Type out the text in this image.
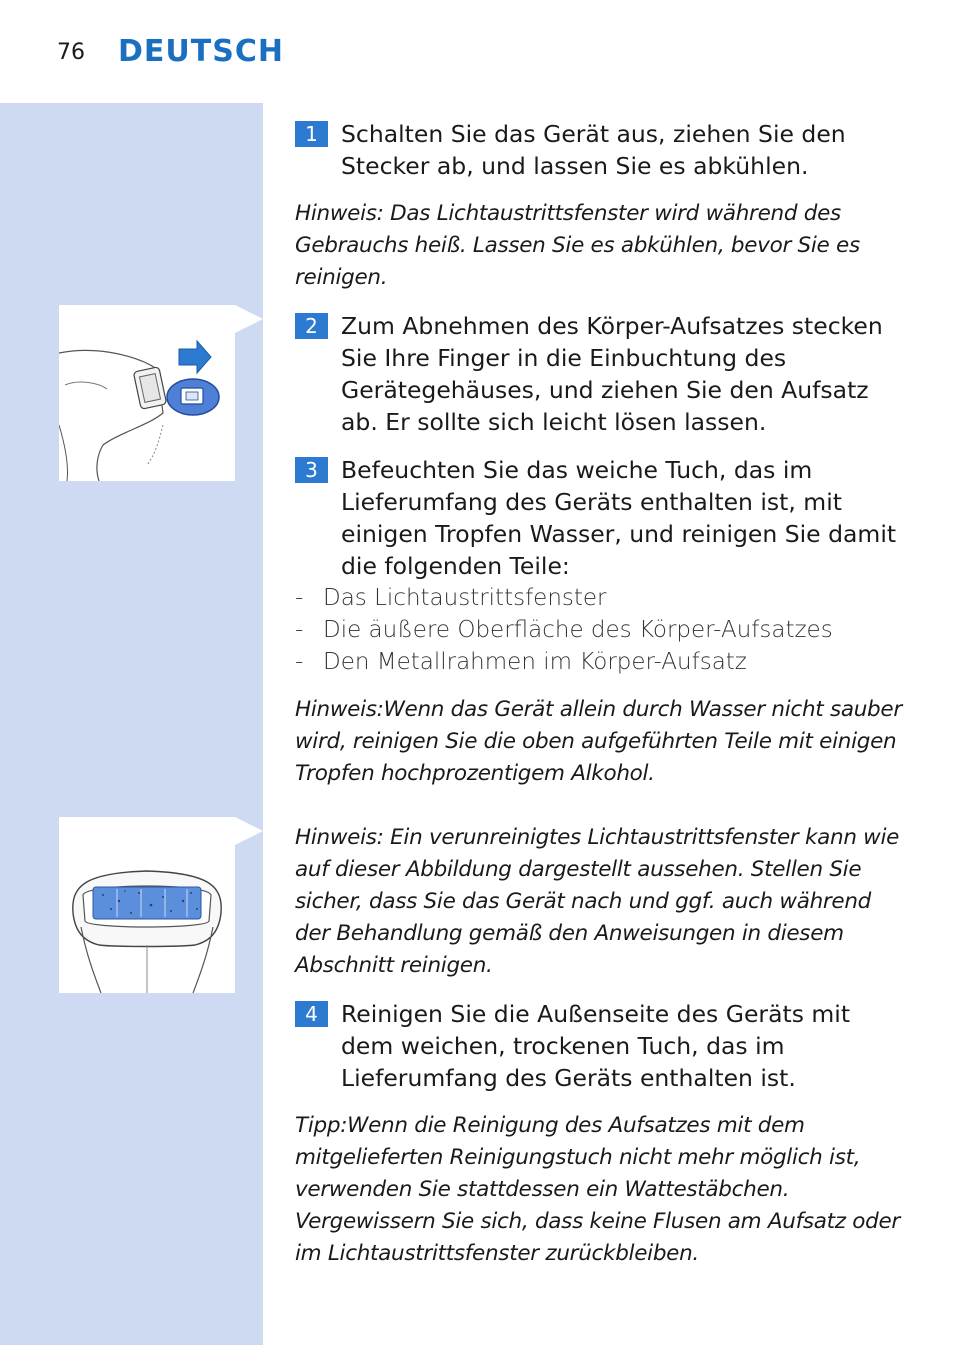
76 DEUTSCH
1 Schalten Sie das Gerät aus, ziehen Sie den Stecker ab, und lassen Sie es abkühlen.
Hinweis: Das Lichtaustrittsfenster wird während des Gebrauchs heiß. Lassen Sie es abkühlen, bevor Sie es reinigen.
2 Zum Abnehmen des Körper-Aufsatzes stecken Sie Ihre Finger in die Einbuchtung des Gerätegehäuses, und ziehen Sie den Aufsatz ab. Er sollte sich leicht lösen lassen.
3 Befeuchten Sie das weiche Tuch, das im Lieferumfang des Geräts enthalten ist, mit einigen Tropfen Wasser, und reinigen Sie damit die folgenden Teile:
- Das Lichtaustrittsfenster
- Die äußere Oberfläche des Körper-Aufsatzes
- Den Metallrahmen im Körper-Aufsatz
Hinweis:Wenn das Gerät allein durch Wasser nicht sauber wird, reinigen Sie die oben aufgeführten Teile mit einigen Tropfen hochprozentigem Alkohol.
Hinweis: Ein verunreinigtes Lichtaustrittsfenster kann wie auf dieser Abbildung dargestellt aussehen. Stellen Sie sicher, dass Sie das Gerät nach und ggf. auch während der Behandlung gemäß den Anweisungen in diesem Abschnitt reinigen.
4 Reinigen Sie die Außenseite des Geräts mit dem weichen, trockenen Tuch, das im Lieferumfang des Geräts enthalten ist.
Tipp:Wenn die Reinigung des Aufsatzes mit dem mitgelieferten Reinigungstuch nicht mehr möglich ist, verwenden Sie stattdessen ein Wattestäbchen. Vergewissern Sie sich, dass keine Flusen am Aufsatz oder im Lichtaustrittsfenster zurückbleiben.
